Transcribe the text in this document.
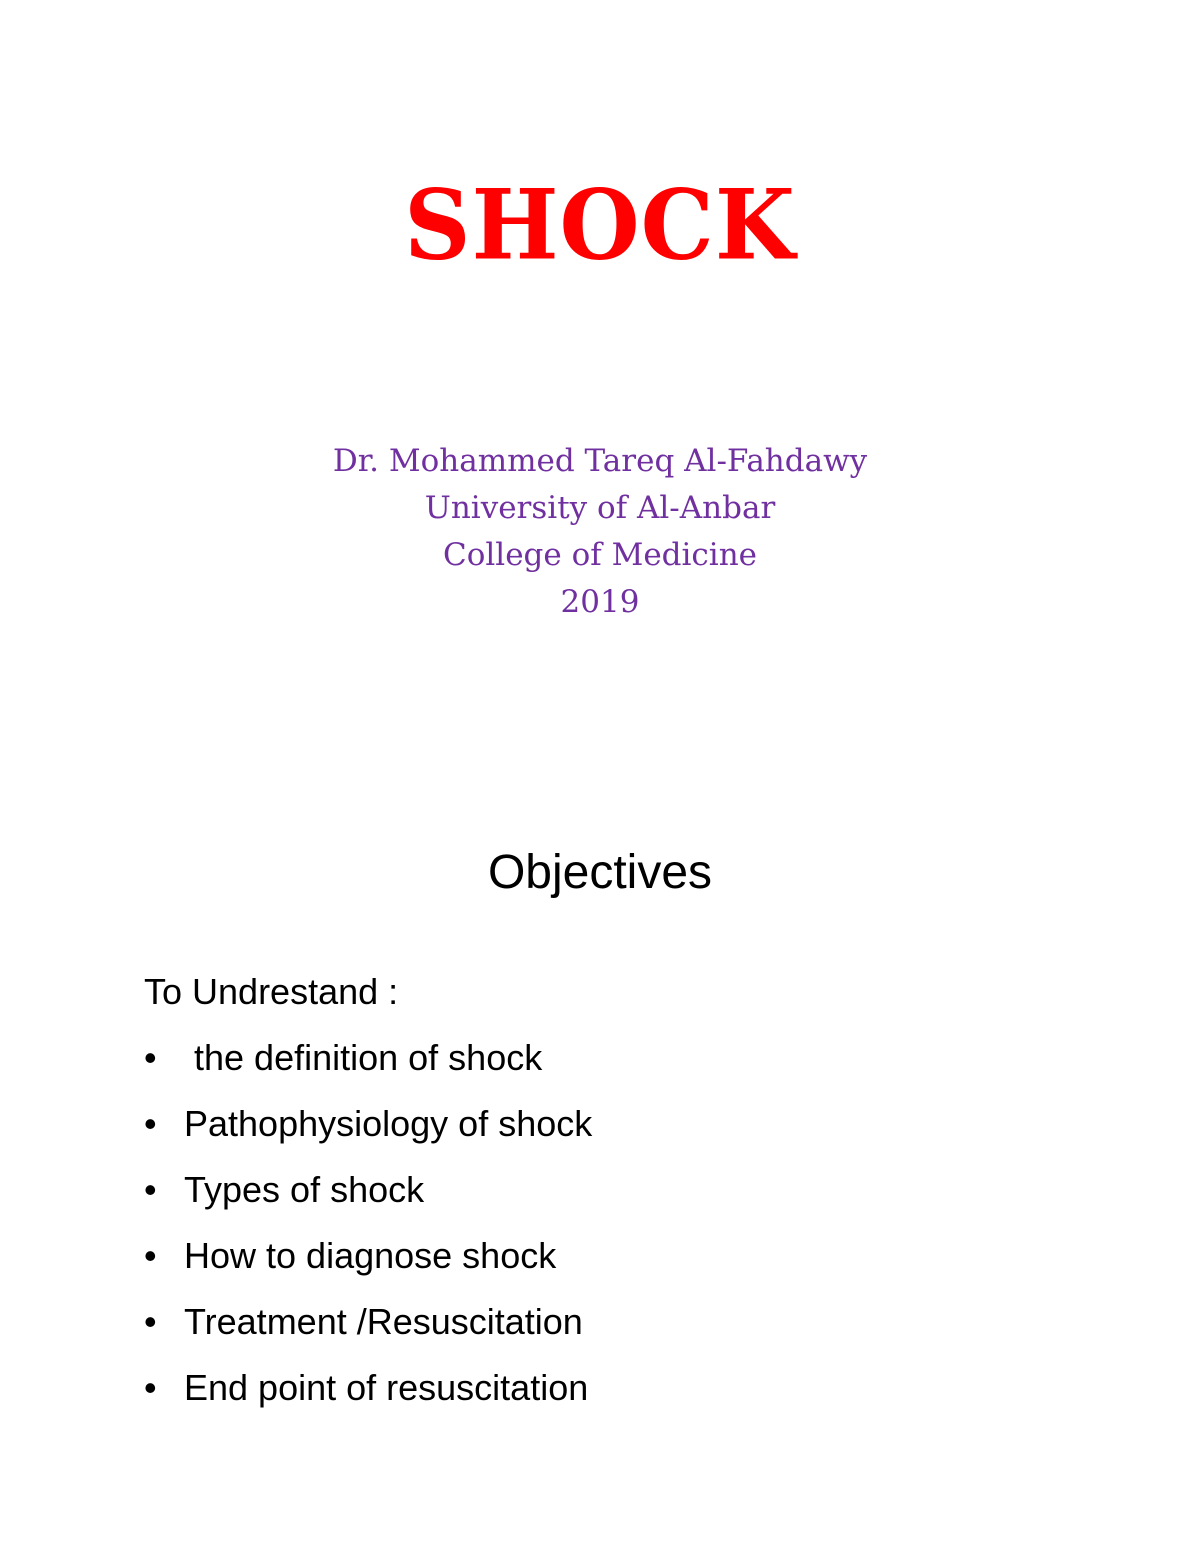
SHOCK
Dr. Mohammed Tareq Al-Fahdawy
University of Al-Anbar
College of Medicine
2019
Objectives
To Undrestand :
• the definition of shock
• Pathophysiology of shock
• Types of shock
• How to diagnose shock
• Treatment /Resuscitation
• End point of resuscitation
